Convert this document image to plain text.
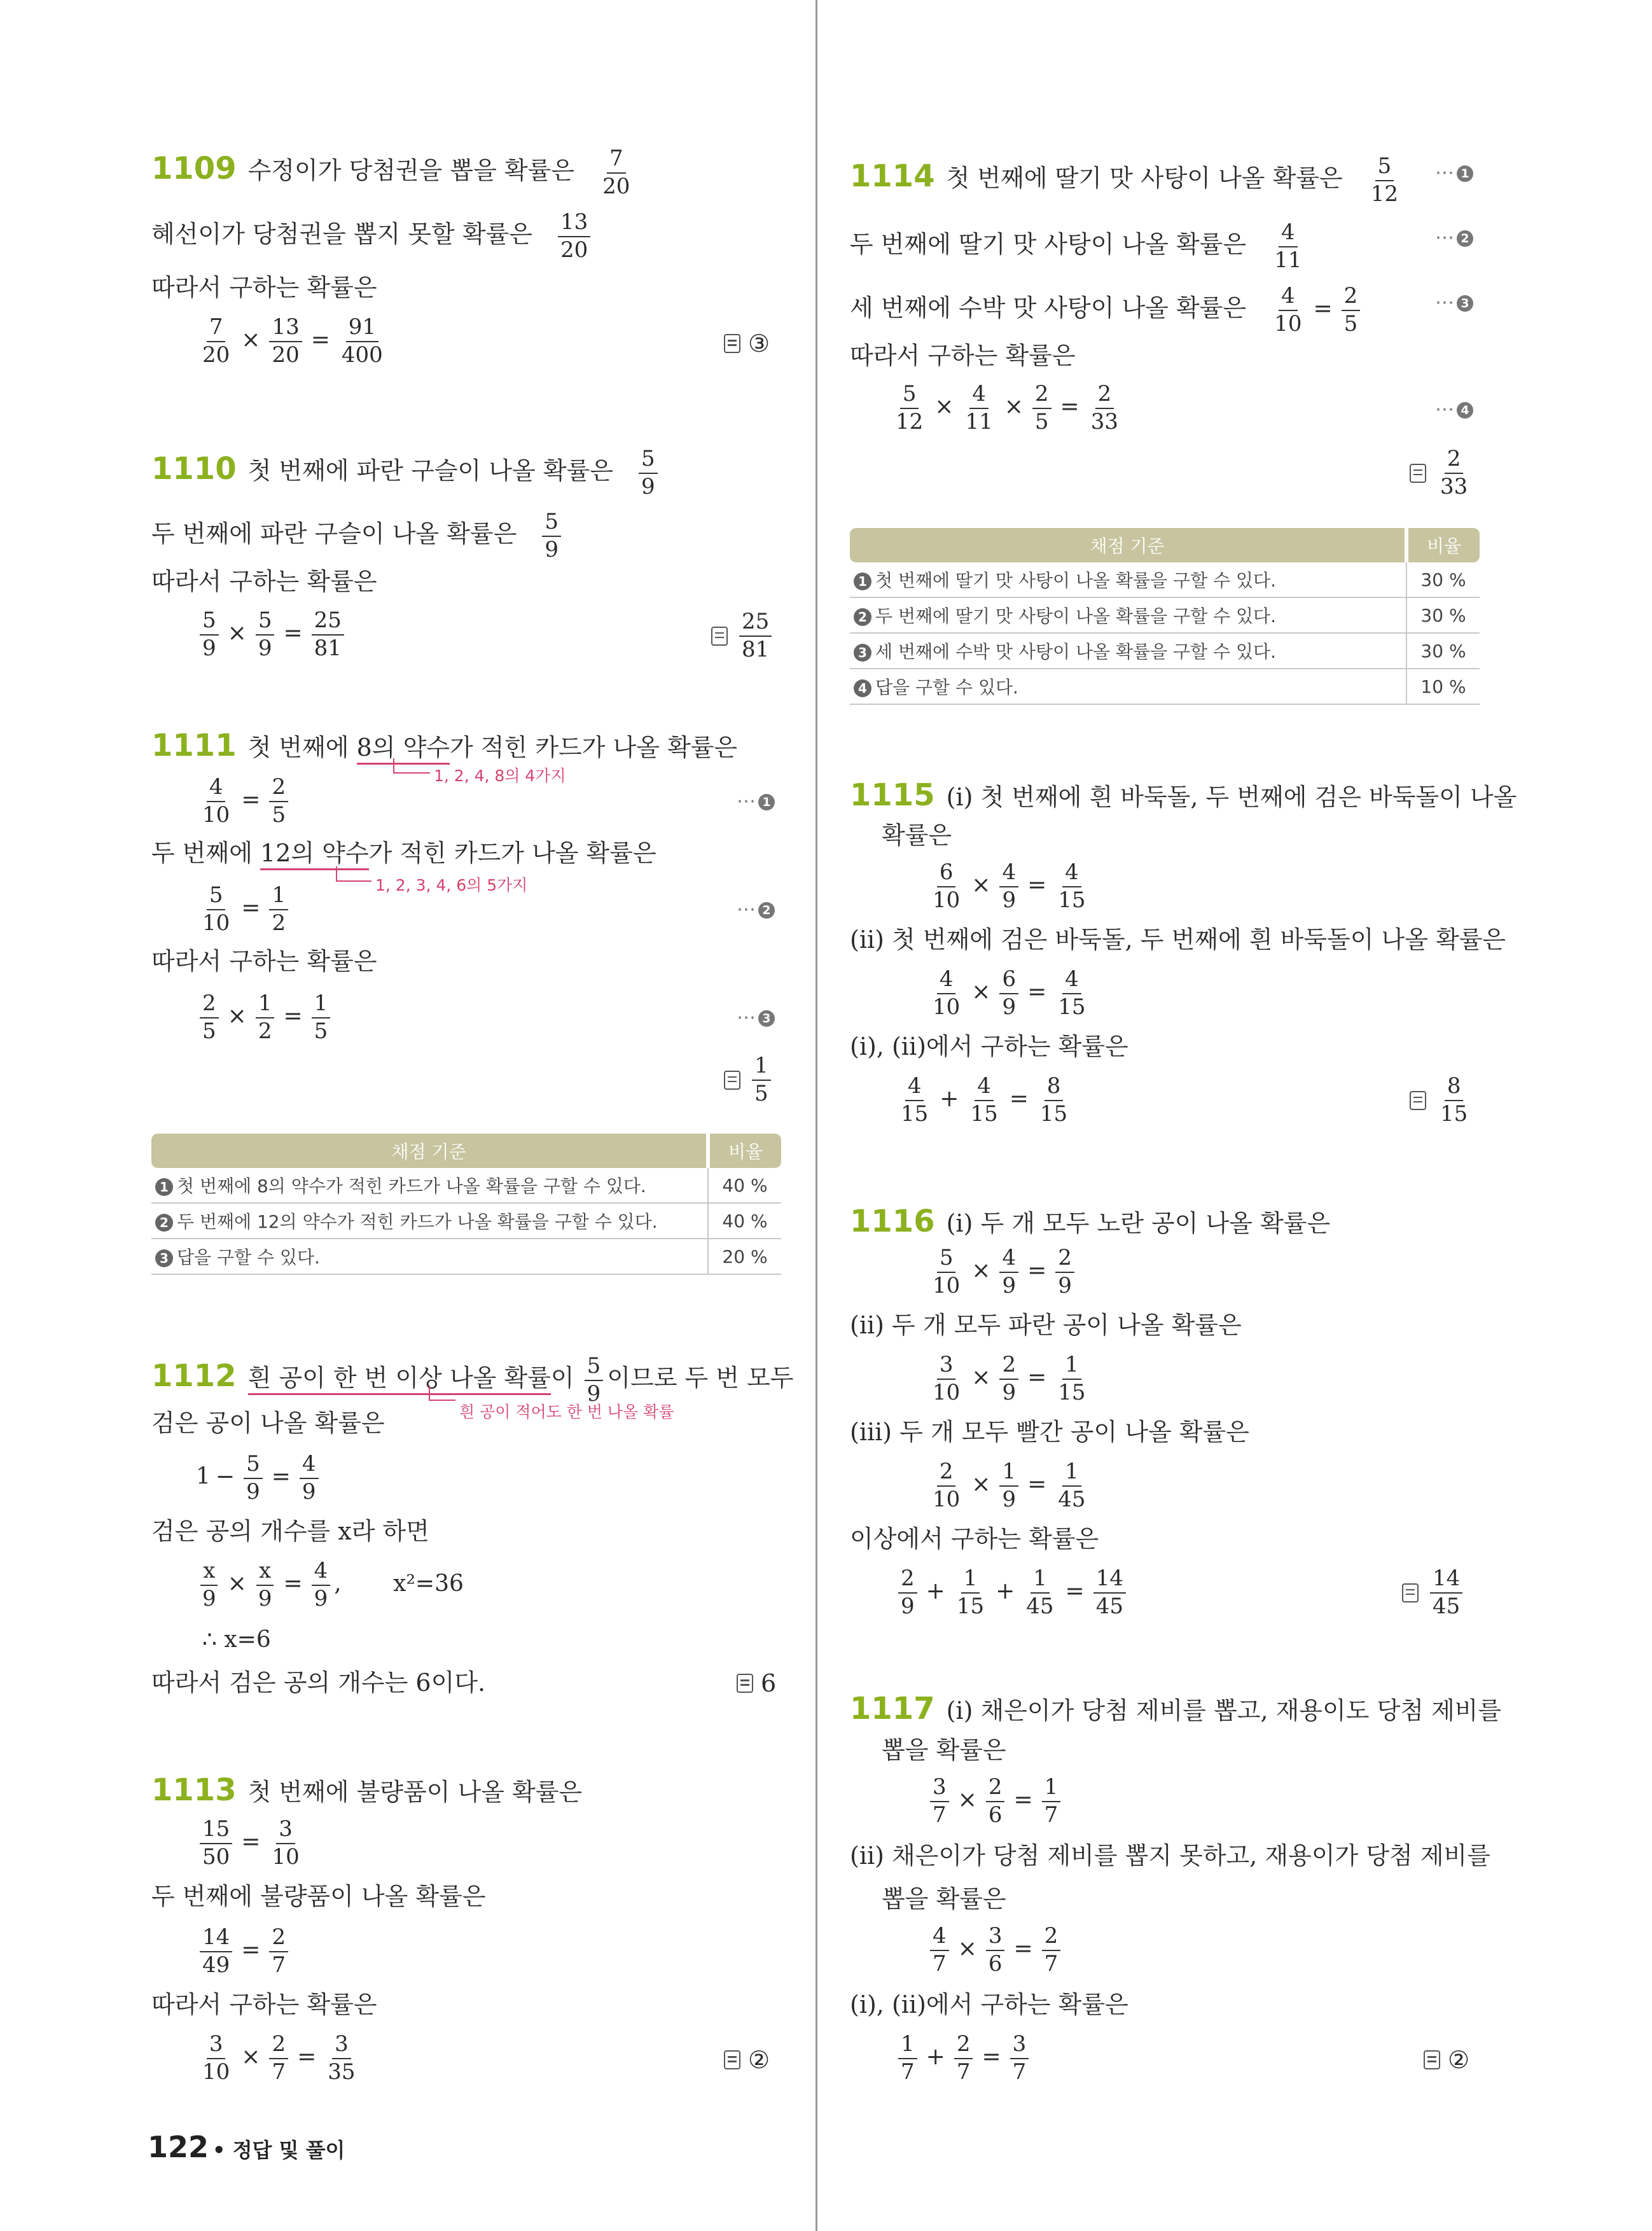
1109 수정이가 당첨권을 뽑을 확률은 $\frac{7}{20}$
혜선이가 당첨권을 뽑지 못할 확률은 $\frac{13}{20}$
따라서 구하는 확률은
$\frac{7}{20} \times \frac{13}{20} = \frac{91}{400}$	③
1110 첫 번째에 파란 구슬이 나올 확률은 $\frac{5}{9}$
두 번째에 파란 구슬이 나올 확률은 $\frac{5}{9}$
따라서 구하는 확률은
$\frac{5}{9} \times \frac{5}{9} = \frac{25}{81}$	$\frac{25}{81}$
1111 첫 번째에 8의 약수가 적힌 카드가 나올 확률은
1, 2, 4, 8의 4가지
$\frac{4}{10} = \frac{2}{5}$	⋯ 1
두 번째에 12의 약수가 적힌 카드가 나올 확률은
1, 2, 3, 4, 6의 5가지
$\frac{5}{10} = \frac{1}{2}$	⋯ 2
따라서 구하는 확률은
$\frac{2}{5} \times \frac{1}{2} = \frac{1}{5}$	⋯ 3
$\frac{1}{5}$
채점 기준	비율
1 첫 번째에 8의 약수가 적힌 카드가 나올 확률을 구할 수 있다.	40 %
2 두 번째에 12의 약수가 적힌 카드가 나올 확률을 구할 수 있다.	40 %
3 답을 구할 수 있다.	20 %
1112 흰 공이 한 번 이상 나올 확률이 $\frac{5}{9}$ 이므로 두 번 모두
흰 공이 적어도 한 번 나올 확률
검은 공이 나올 확률은
$1 - \frac{5}{9} = \frac{4}{9}$
검은 공의 개수를 x라 하면
$\frac{x}{9} \times \frac{x}{9} = \frac{4}{9}$ , x²=36
∴ x=6
따라서 검은 공의 개수는 6이다.	6
1113 첫 번째에 불량품이 나올 확률은
$\frac{15}{50} = \frac{3}{10}$
두 번째에 불량품이 나올 확률은
$\frac{14}{49} = \frac{2}{7}$
따라서 구하는 확률은
$\frac{3}{10} \times \frac{2}{7} = \frac{3}{35}$	②
1114 첫 번째에 딸기 맛 사탕이 나올 확률은 $\frac{5}{12}$ ⋯ 1
두 번째에 딸기 맛 사탕이 나올 확률은 $\frac{4}{11}$	⋯ 2
세 번째에 수박 맛 사탕이 나올 확률은 $\frac{4}{10} = \frac{2}{5}$	⋯ 3
따라서 구하는 확률은
$\frac{5}{12} \times \frac{4}{11} \times \frac{2}{5} = \frac{2}{33}$	⋯ 4
$\frac{2}{33}$
채점 기준	비율
1 첫 번째에 딸기 맛 사탕이 나올 확률을 구할 수 있다.	30 %
2 두 번째에 딸기 맛 사탕이 나올 확률을 구할 수 있다.	30 %
3 세 번째에 수박 맛 사탕이 나올 확률을 구할 수 있다.	30 %
4 답을 구할 수 있다.	10 %
1115 (i) 첫 번째에 흰 바둑돌, 두 번째에 검은 바둑돌이 나올
확률은
$\frac{6}{10} \times \frac{4}{9} = \frac{4}{15}$
(ii) 첫 번째에 검은 바둑돌, 두 번째에 흰 바둑돌이 나올 확률은
$\frac{4}{10} \times \frac{6}{9} = \frac{4}{15}$
(i), (ii)에서 구하는 확률은
$\frac{4}{15} + \frac{4}{15} = \frac{8}{15}$	$\frac{8}{15}$
1116 (i) 두 개 모두 노란 공이 나올 확률은
$\frac{5}{10} \times \frac{4}{9} = \frac{2}{9}$
(ii) 두 개 모두 파란 공이 나올 확률은
$\frac{3}{10} \times \frac{2}{9} = \frac{1}{15}$
(iii) 두 개 모두 빨간 공이 나올 확률은
$\frac{2}{10} \times \frac{1}{9} = \frac{1}{45}$
이상에서 구하는 확률은
$\frac{2}{9} + \frac{1}{15} + \frac{1}{45} = \frac{14}{45}$	$\frac{14}{45}$
1117 (i) 채은이가 당첨 제비를 뽑고, 재용이도 당첨 제비를
뽑을 확률은
$\frac{3}{7} \times \frac{2}{6} = \frac{1}{7}$
(ii) 채은이가 당첨 제비를 뽑지 못하고, 재용이가 당첨 제비를
뽑을 확률은
$\frac{4}{7} \times \frac{3}{6} = \frac{2}{7}$
(i), (ii)에서 구하는 확률은
$\frac{1}{7} + \frac{2}{7} = \frac{3}{7}$	②
122 • 정답 및 풀이
